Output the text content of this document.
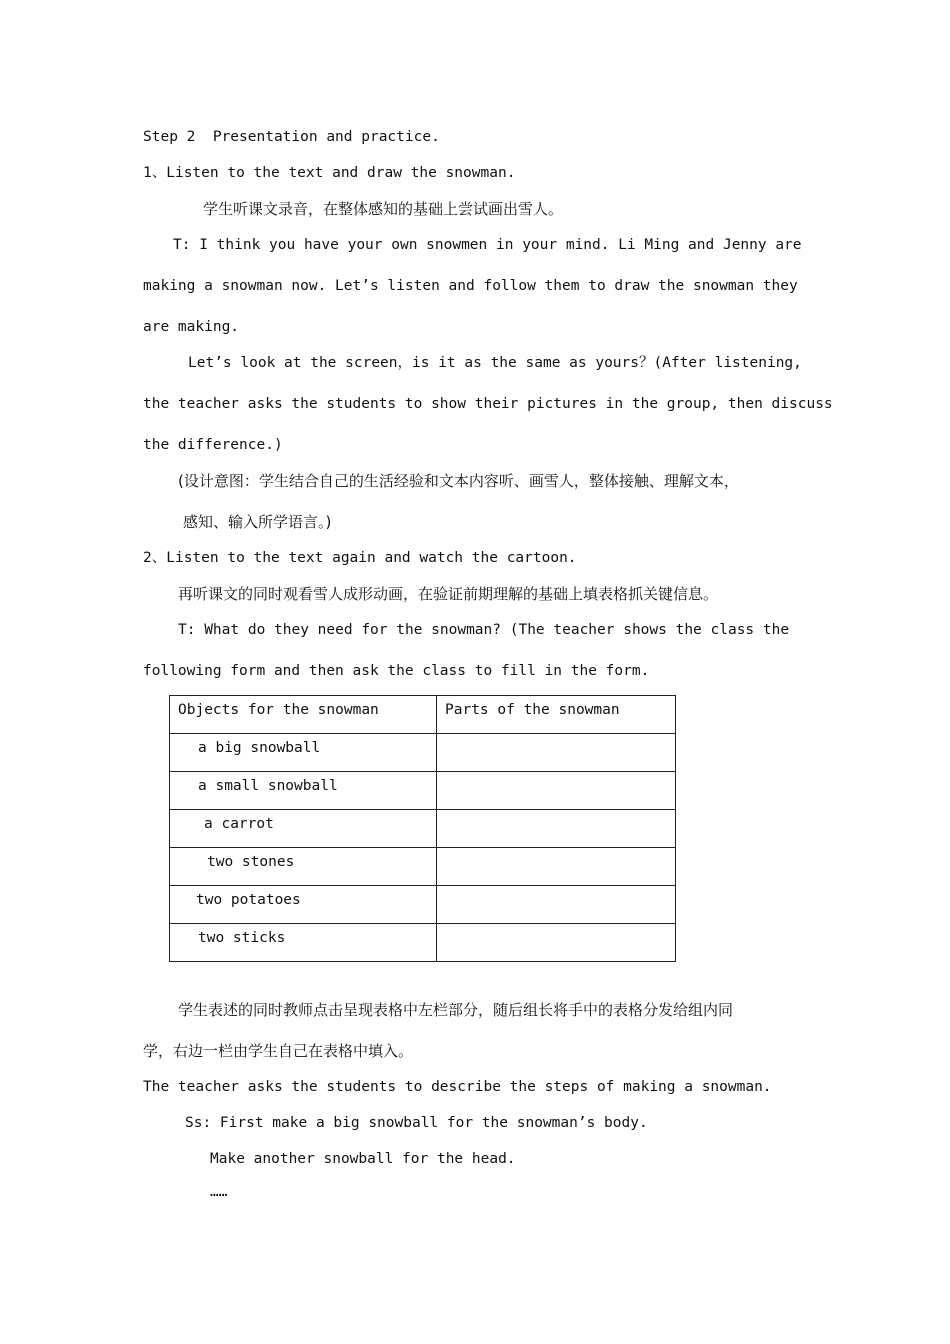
Step 2  Presentation and practice.
1、Listen to the text and draw the snowman.
学生听课文录音，在整体感知的基础上尝试画出雪人。
T: I think you have your own snowmen in your mind. Li Ming and Jenny are
making a snowman now. Let’s listen and follow them to draw the snowman they
are making.
Let’s look at the screen，is it as the same as yours？(After listening,
the teacher asks the students to show their pictures in the group, then discuss
the difference.)
(设计意图：学生结合自己的生活经验和文本内容听、画雪人，整体接触、理解文本，
感知、输入所学语言。)
2、Listen to the text again and watch the cartoon.
再听课文的同时观看雪人成形动画，在验证前期理解的基础上填表格抓关键信息。
T: What do they need for the snowman? (The teacher shows the class the
following form and then ask the class to fill in the form.
Objects for the snowman	Parts of the snowman

a big snowball	

a small snowball	

a carrot	

two stones	

two potatoes	

two sticks	

学生表述的同时教师点击呈现表格中左栏部分，随后组长将手中的表格分发给组内同
学，右边一栏由学生自己在表格中填入。
The teacher asks the students to describe the steps of making a snowman.
Ss: First make a big snowball for the snowman’s body.
Make another snowball for the head.
……
